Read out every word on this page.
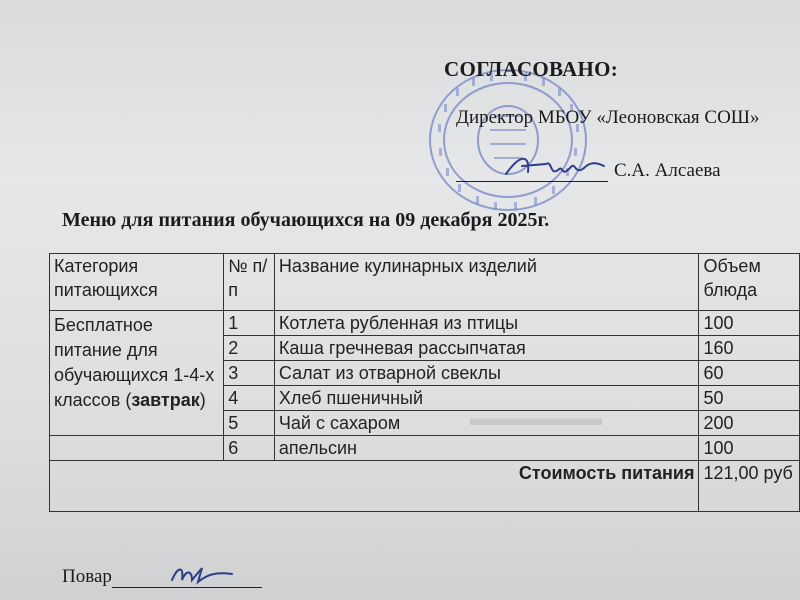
▬▬▬▬▬▬
СОГЛАСОВАНО:
Директор МБОУ «Леоновская СОШ»
С.А. Алсаева
Меню для питания обучающихся на 09 декабря 2025г.
Категория питающихся	№ п/п	Название кулинарных изделий	Объем блюда
Бесплатное питание для обучающихся 1-4-х классов (завтрак)	1	Котлета рубленная из птицы	100
	2	Каша гречневая рассыпчатая	160
	3	Салат из отварной свеклы	60
	4	Хлеб пшеничный	50
	5	Чай с сахаром	200
	6	апельсин	100
Стоимость питания			121,00 руб
Повар
